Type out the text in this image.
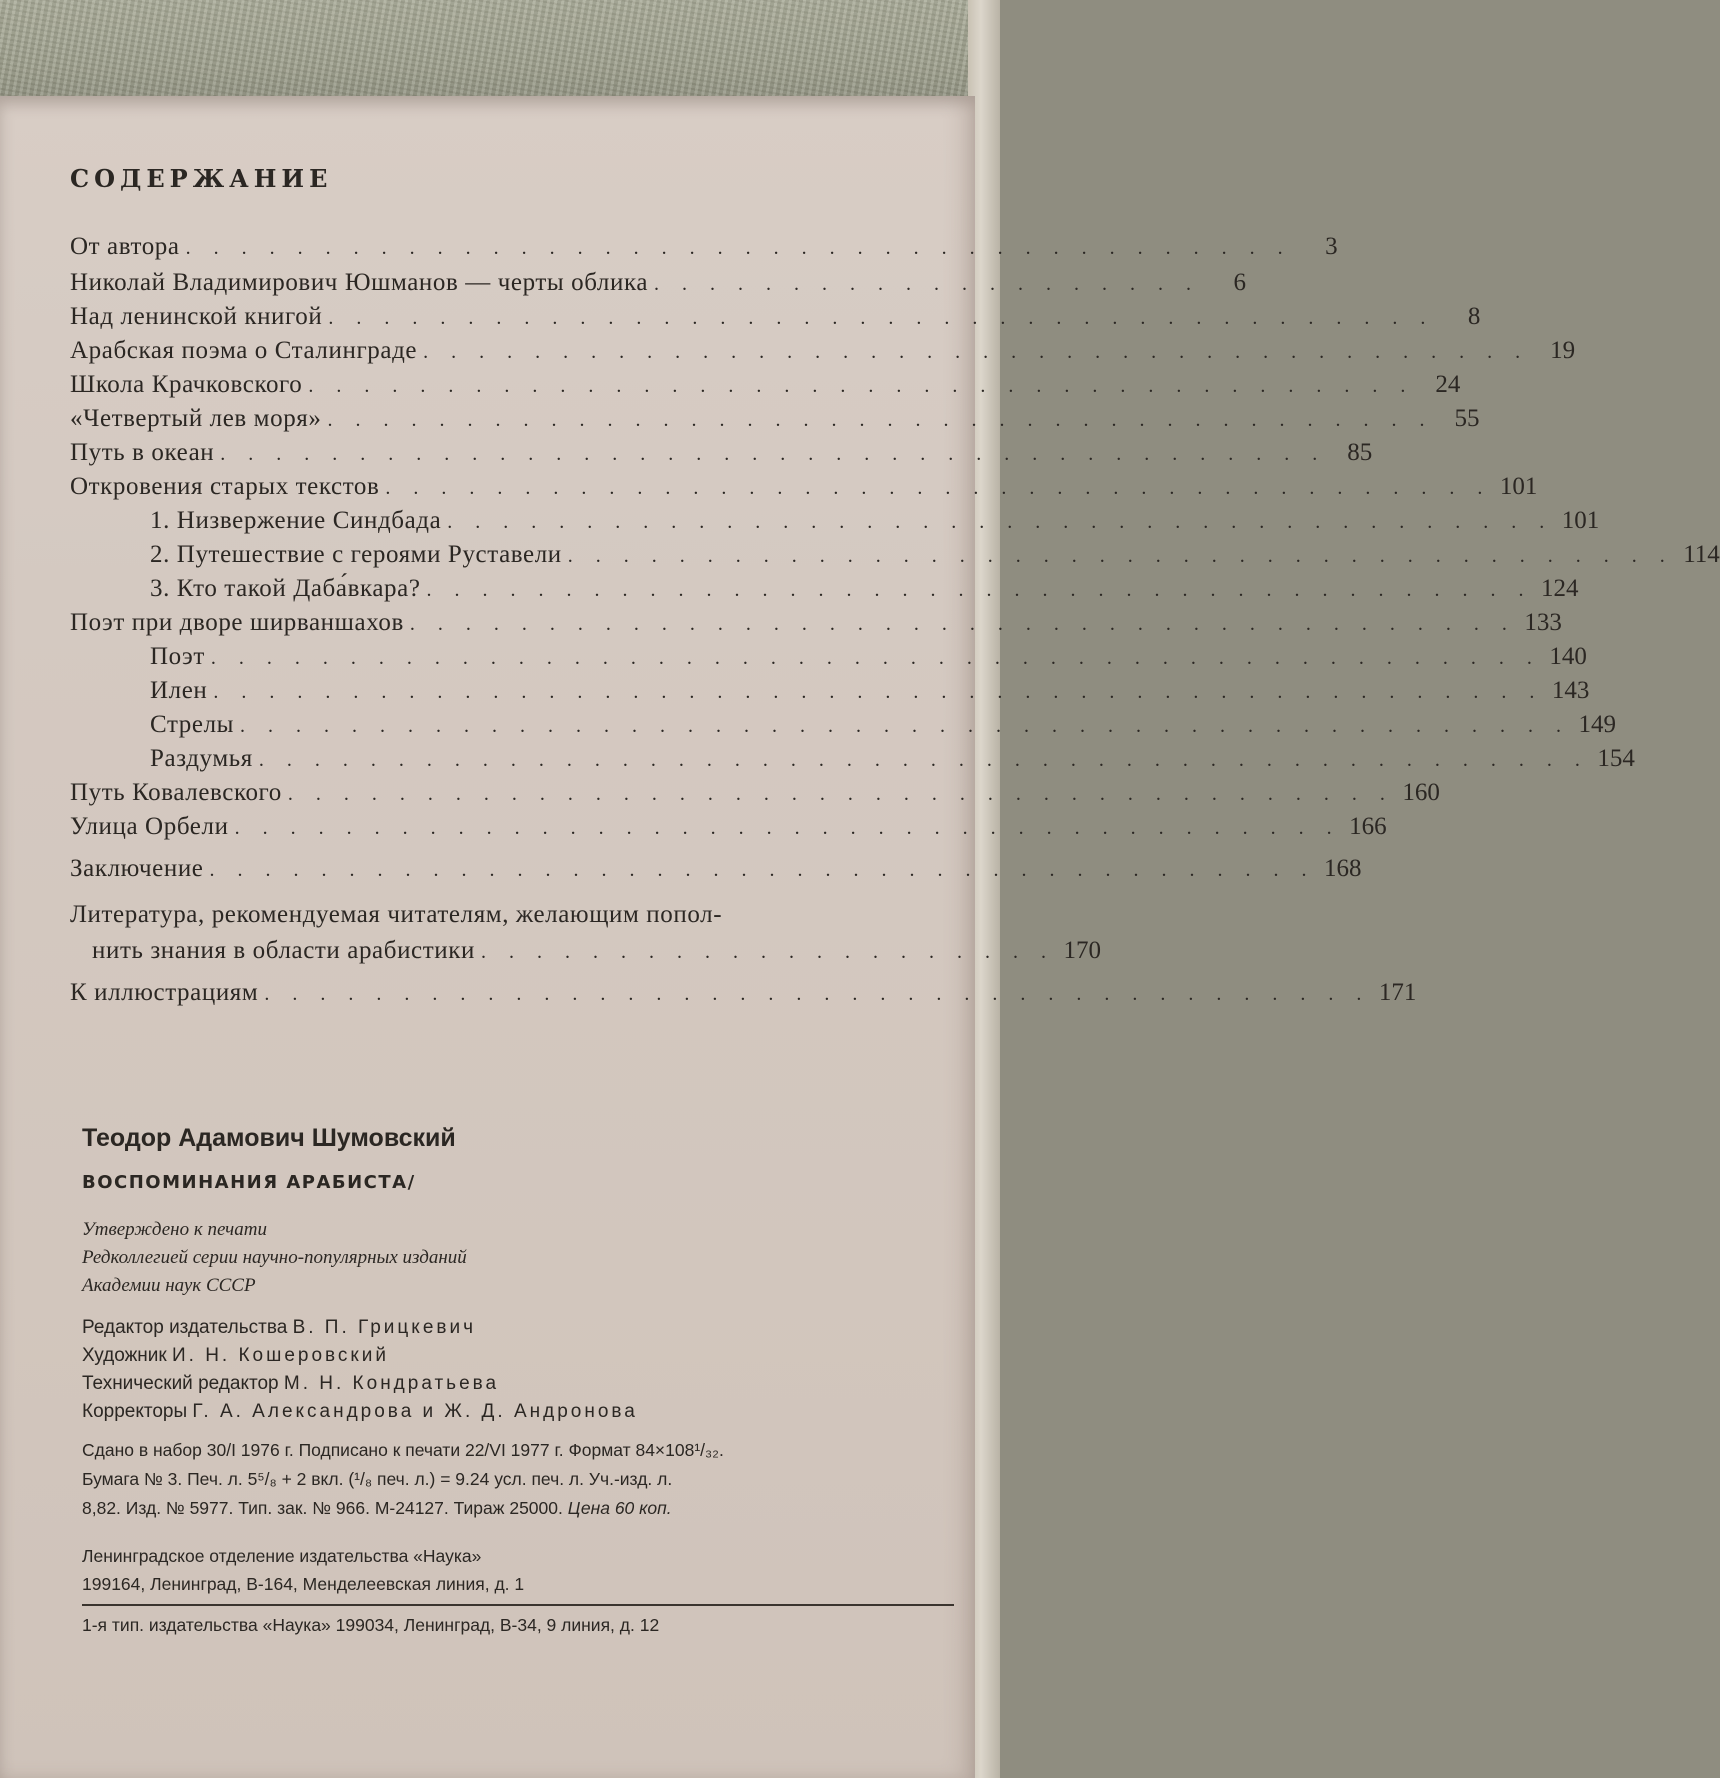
СОДЕРЖАНИЕ
От автора . . . . . . . . . . . . . . . . . . . . . . . . . . . . . . . . . . . . . . . .	3
Николай Владимирович Юшманов — черты облика . . . . . . . . . . . . . . . . . . . .	6
Над ленинской книгой . . . . . . . . . . . . . . . . . . . . . . . . . . . . . . . . . . . . . . . .	8
Арабская поэма о Сталинграде . . . . . . . . . . . . . . . . . . . . . . . . . . . . . . . . . . . . . . . . 19
Школа Крачковского . . . . . . . . . . . . . . . . . . . . . . . . . . . . . . . . . . . . . . . . 24
«Четвертый лев моря» . . . . . . . . . . . . . . . . . . . . . . . . . . . . . . . . . . . . . . . . 55
Путь в океан . . . . . . . . . . . . . . . . . . . . . . . . . . . . . . . . . . . . . . . . 85
Откровения старых текстов . . . . . . . . . . . . . . . . . . . . . . . . . . . . . . . . . . . . . . . . 101
1. Низвержение Синдбада . . . . . . . . . . . . . . . . . . . . . . . . . . . . . . . . . . . . . . . . 101
2. Путешествие с героями Руставели . . . . . . . . . . . . . . . . . . . . . . . . . . . . . . . . . . . . . . . . 114
3. Кто такой Даба́вкара? . . . . . . . . . . . . . . . . . . . . . . . . . . . . . . . . . . . . . . . . 124
Поэт при дворе ширваншахов . . . . . . . . . . . . . . . . . . . . . . . . . . . . . . . . . . . . . . . . 133
Поэт . . . . . . . . . . . . . . . . . . . . . . . . . . . . . . . . . . . . . . . . . . . . . . . . 140
Илен . . . . . . . . . . . . . . . . . . . . . . . . . . . . . . . . . . . . . . . . . . . . . . . . 143
Стрелы . . . . . . . . . . . . . . . . . . . . . . . . . . . . . . . . . . . . . . . . . . . . . . . . 149
Раздумья . . . . . . . . . . . . . . . . . . . . . . . . . . . . . . . . . . . . . . . . . . . . . . . . 154
Путь Ковалевского . . . . . . . . . . . . . . . . . . . . . . . . . . . . . . . . . . . . . . . . 160
Улица Орбели . . . . . . . . . . . . . . . . . . . . . . . . . . . . . . . . . . . . . . . . 166
Заключение . . . . . . . . . . . . . . . . . . . . . . . . . . . . . . . . . . . . . . . . 168
Литература, рекомендуемая читателям, желающим попол-
нить знания в области арабистики . . . . . . . . . . . . . . . . . . . . . 170
К иллюстрациям . . . . . . . . . . . . . . . . . . . . . . . . . . . . . . . . . . . . . . . . 171
Теодор Адамович Шумовский
ВОСПОМИНАНИЯ АРАБИСТА/
Утверждено к печати
Редколлегией серии научно-популярных изданий
Академии наук СССР
Редактор издательства В. П. Грицкевич
Художник И. Н. Кошеровский
Технический редактор М. Н. Кондратьева
Корректоры Г. А. Александрова и Ж. Д. Андронова
Сдано в набор 30/I 1976 г. Подписано к печати 22/VI 1977 г. Формат 84×108¹/₃₂.
Бумага № 3. Печ. л. 5⁵/₈ + 2 вкл. (¹/₈ печ. л.) = 9.24 усл. печ. л. Уч.-изд. л.
8,82. Изд. № 5977. Тип. зак. № 966. М-24127. Тираж 25000. Цена 60 коп.
Ленинградское отделение издательства «Наука»
199164, Ленинград, В-164, Менделеевская линия, д. 1
1-я тип. издательства «Наука» 199034, Ленинград, В-34, 9 линия, д. 12
